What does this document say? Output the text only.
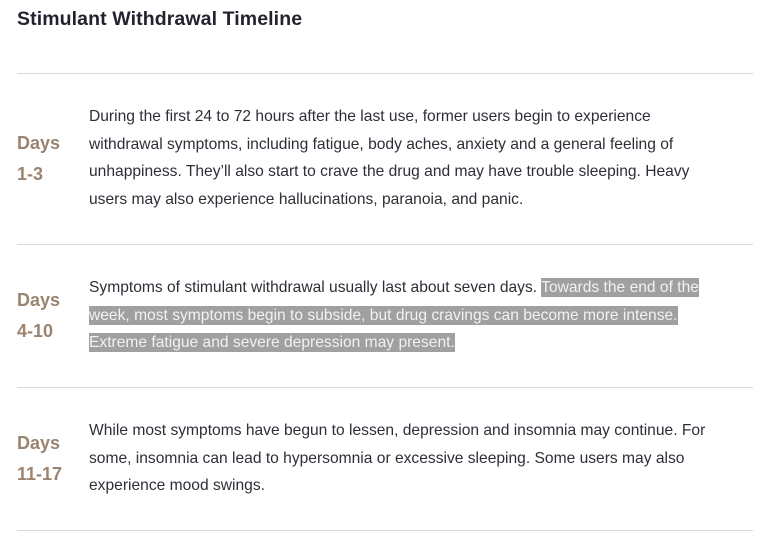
Stimulant Withdrawal Timeline
Days
1-3

During the first 24 to 72 hours after the last use, former users begin to experience withdrawal symptoms, including fatigue, body aches, anxiety and a general feeling of unhappiness. They’ll also start to crave the drug and may have trouble sleeping. Heavy users may also experience hallucinations, paranoia, and panic.

Days
4-10

Symptoms of stimulant withdrawal usually last about seven days. Towards the end of the week, most symptoms begin to subside, but drug cravings can become more intense. Extreme fatigue and severe depression may present.

Days
11-17

While most symptoms have begun to lessen, depression and insomnia may continue. For some, insomnia can lead to hypersomnia or excessive sleeping. Some users may also experience mood swings.
